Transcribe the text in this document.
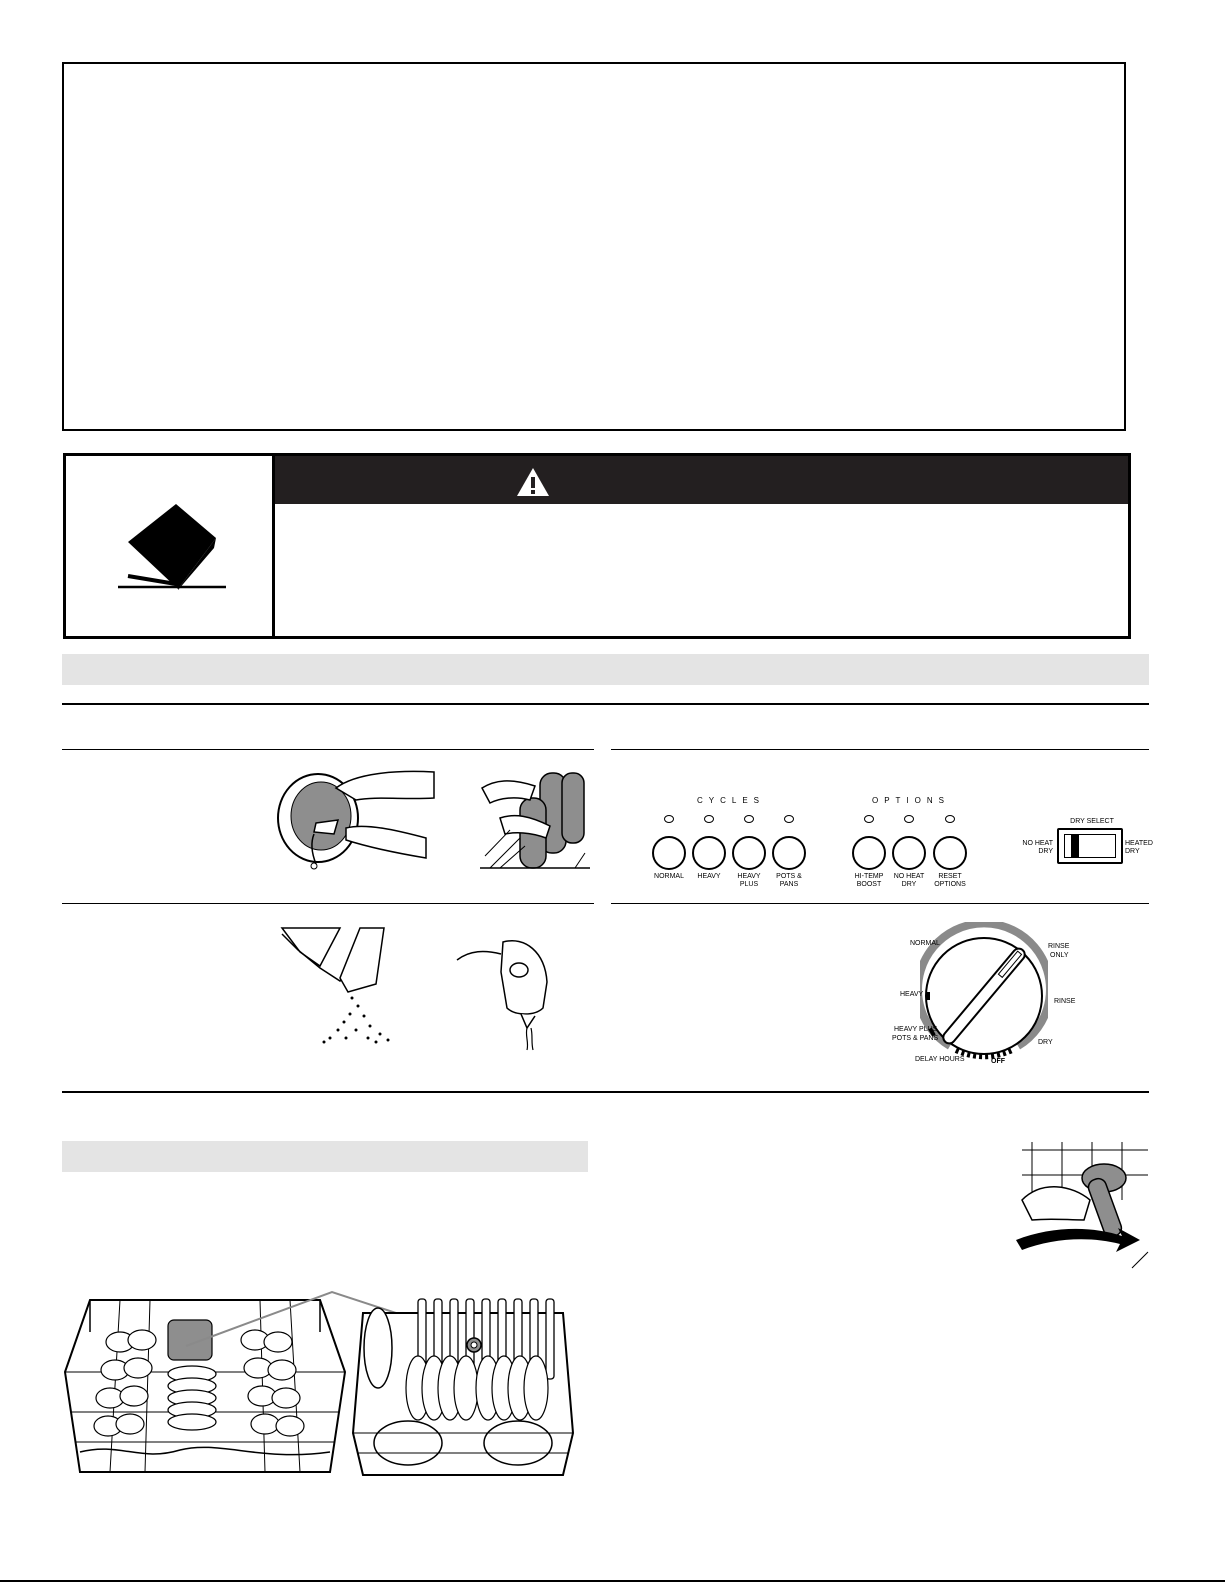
CYCLES	OPTIONS
NORMAL	HEAVY	HEAVY
PLUS
POTS &
PANS
HI-TEMP
BOOST
NO HEAT
DRY
RESET
OPTIONS
DRY SELECT
NO HEAT
DRY
HEATED
DRY
NORMAL	RINSE
ONLY
HEAVY
RINSE
HEAVY PLUS
POTS & PANS
DRY
DELAY HOURS	OFF
